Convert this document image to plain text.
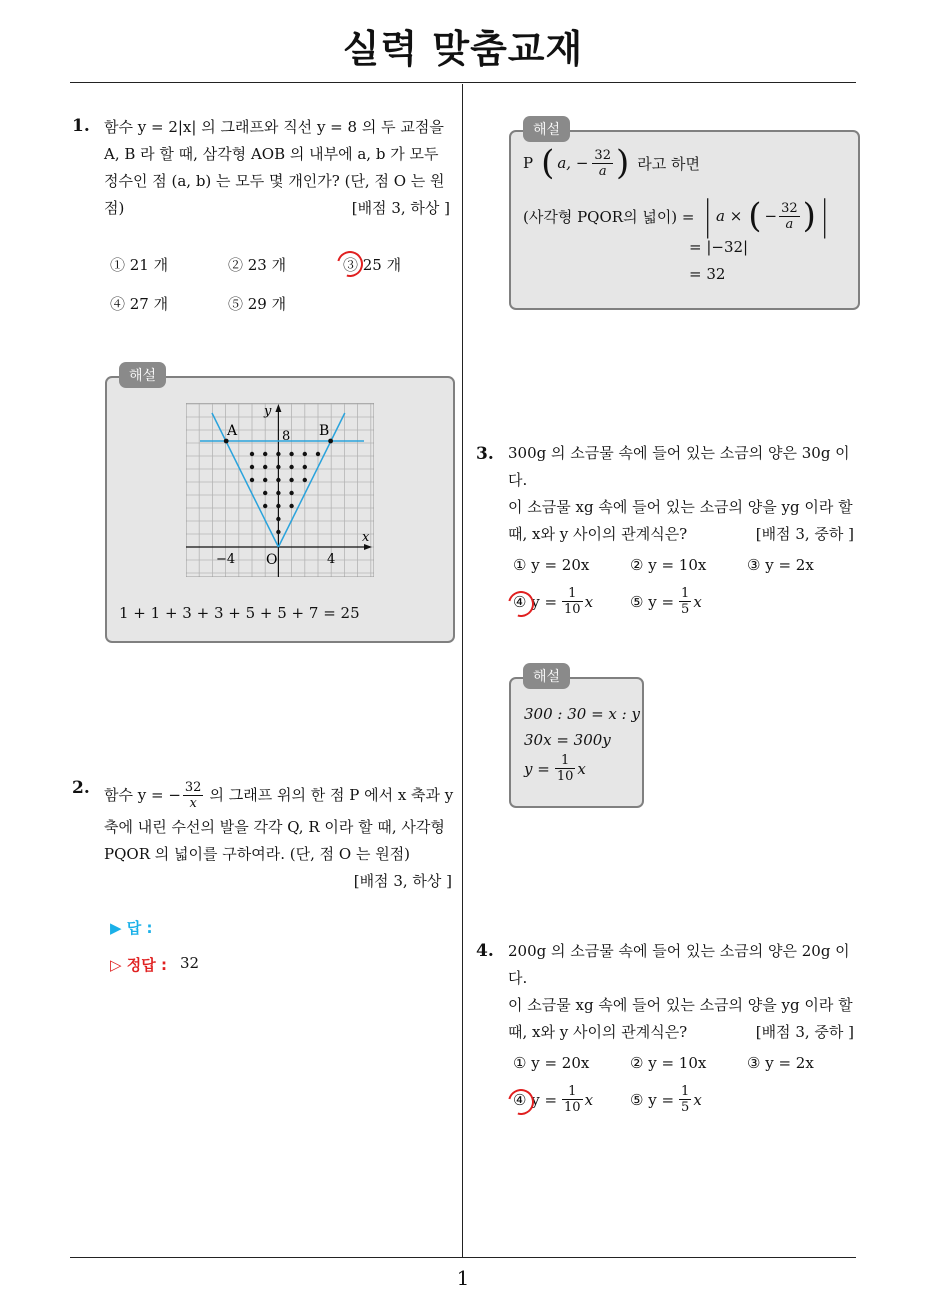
실력 맞춤교재
1
1. 함수 y = 2|x| 의 그래프와 직선 y = 8 의 두 교점을
A, B 라 할 때, 삼각형 AOB 의 내부에 a, b 가 모두
정수인 점 (a, b) 는 모두 몇 개인가? (단, 점 O 는 원
점)	[배점 3, 하상 ]
① 21 개	② 23 개	③ 25 개
④ 27 개	⑤ 29 개
y
x
8
−4	4
O
A	B
1 + 1 + 3 + 3 + 5 + 5 + 7 = 25
해설
2. 함수 y = − $\frac{32}{x}$ 의 그래프 위의 한 점 P 에서 x 축과 y
축에 내린 수선의 발을 각각 Q, R 이라 할 때, 사각형
PQOR 의 넓이를 구하여라. (단, 점 O 는 원점)
[배점 3, 하상 ]
▶ 답 :
▷ 정답 : 32
P ( a, − $\frac{32}{a}$ ) 라고 하면
(사각형 PQOR의 넓이) = | a × ( − $\frac{32}{a}$ ) |
= |−32|
= 32
해설
3. 300g 의 소금물 속에 들어 있는 소금의 양은 30g 이다.
이 소금물 xg 속에 들어 있는 소금의 양을 yg 이라 할
때, x와 y 사이의 관계식은?	[배점 3, 중하 ]
① y = 20x	② y = 10x	③ y = 2x
④ $y = \frac{1}{10}$ x ⑤ $y = \frac{1}{5}$ x
300 : 30 = x : y
30x = 300y
$y = \frac{1}{10}$ x
해설
4. 200g 의 소금물 속에 들어 있는 소금의 양은 20g 이다.
이 소금물 xg 속에 들어 있는 소금의 양을 yg 이라 할
때, x와 y 사이의 관계식은?	[배점 3, 중하 ]
① y = 20x	② y = 10x	③ y = 2x
④ $y = \frac{1}{10}$ x ⑤ $y = \frac{1}{5}$ x
